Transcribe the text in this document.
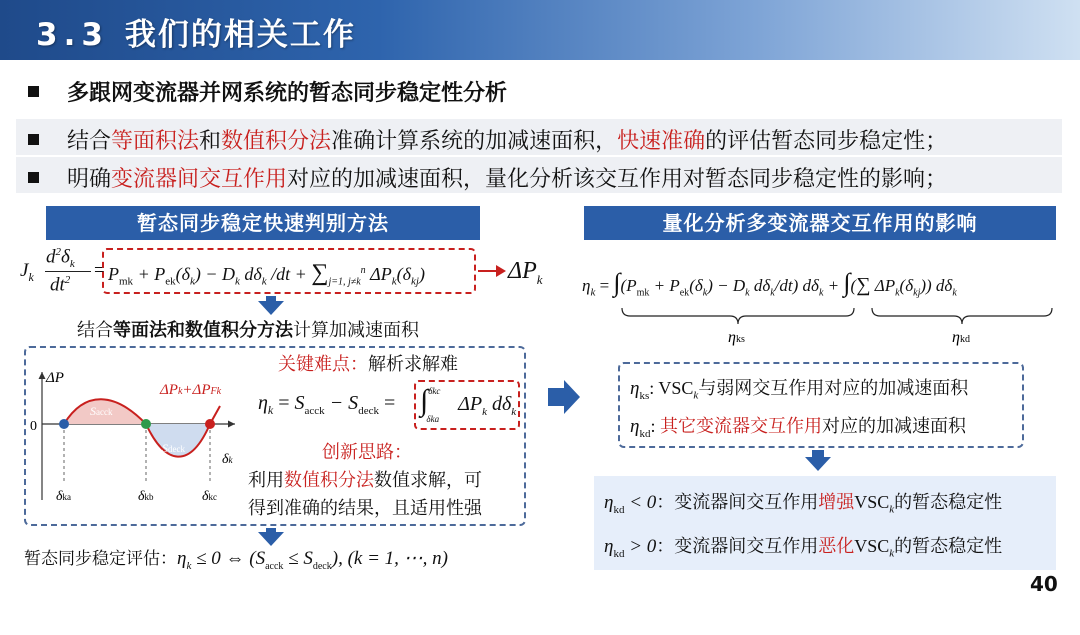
3.3 我们的相关工作
多跟网变流器并网系统的暂态同步稳定性分析
结合等面积法和数值积分法准确计算系统的加减速面积，快速准确的评估暂态同步稳定性；
明确变流器间交互作用对应的加减速面积，量化分析该交互作用对暂态同步稳定性的影响；
暂态同步稳定快速判别方法
$J_k$
$d^2\delta_k$
$dt^2 = P_{mk} + P_{ek}(\delta_k) - D_k$ $d\delta_k$ $/dt + \sum_{j=1, j\ne k}^n$ $\Delta P_k(\delta_{kj})$	$\Delta P_k$
结合等面法和数值积分方法计算加减速面积
ΔP
0
Sacck
Sdeck
ΔPk+ΔPFk
δk
δka	δkb	δkc
关键难点：解析求解难
$\eta_k = S_{acck} - S_{deck} = \int^{\delta kc}_{\delta ka}$ $\Delta P_k$ $d\delta_k$
创新思路：
利用数值积分法数值求解，可
得到准确的结果，且适用性强
暂态同步稳定评估：$\eta_k \le 0$ ⇔ $(S_{acck} \le S_{deck})$, (k = 1, ⋯, n)
量化分析多变流器交互作用的影响
$\eta_k = \int(P_{mk} + P_{ek}(\delta_k) - D_k$ $d\delta_k/dt$) $d\delta_k$ + ∫(∑ $\Delta P_k(\delta_{kj})$) $d\delta_k$
ηks	ηkd
$\eta_{ks}$: $VSC_k$与弱网交互作用对应的加减速面积
$\eta_{kd}$: 其它变流器交互作用对应的加减速面积
$\eta_{kd} < 0$：变流器间交互作用增强$VSC_k$的暂态稳定性
$\eta_{kd} > 0$：变流器间交互作用恶化$VSC_k$的暂态稳定性
40
